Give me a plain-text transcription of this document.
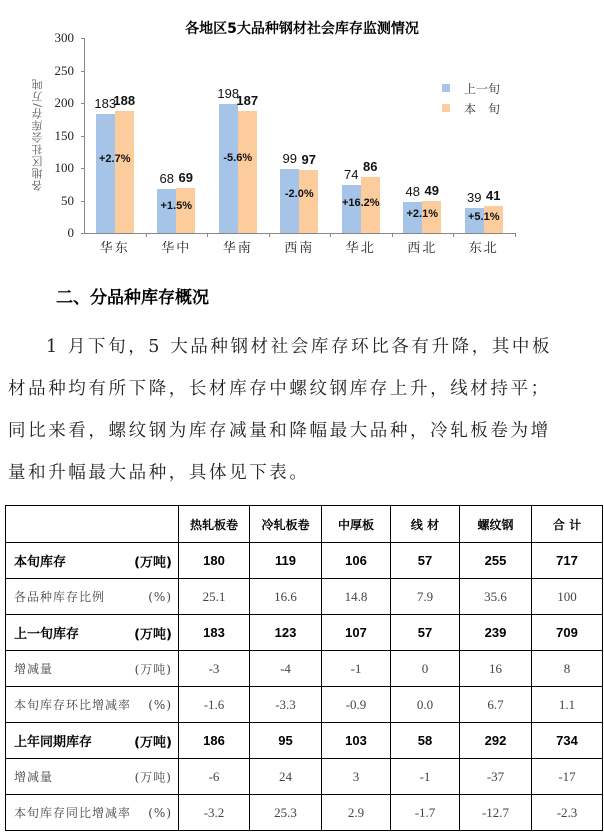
各地区5大品种钢材社会库存监测情况
各地区社会库存/万吨
300
250
200
150
100
50
0
183
188
+2.7%
华东
68 69
+1.5%
华中
198
187
-5.6%
华南
99 97
-2.0%
西南
74
86
+16.2%
华北
48 49
+2.1%
西北
39 41
+5.1%
东北
上一旬
本　旬
二、分品种库存概况
1 月下旬，5 大品种钢材社会库存环比各有升降，其中板材品种均有所下降，长材库存中螺纹钢库存上升，线材持平；同比来看，螺纹钢为库存减量和降幅最大品种，冷轧板卷为增量和升幅最大品种，具体见下表。
	热轧板卷	冷轧板卷	中厚板	线 材	螺纹钢	合 计
本旬库存 (万吨)	180	119	106	57	255	717
各品种库存比例 (%)	25.1	16.6	14.8	7.9	35.6	100
上一旬库存 (万吨)	183	123	107	57	239	709
增减量 (万吨)	-3	-4	-1	0	16	8
本旬库存环比增减率 (%)	-1.6	-3.3	-0.9	0.0	6.7	1.1
上年同期库存 (万吨)	186	95	103	58	292	734
增减量 (万吨)	-6	24	3	-1	-37	-17
本旬库存同比增减率 (%)	-3.2	25.3	2.9	-1.7	-12.7	-2.3
